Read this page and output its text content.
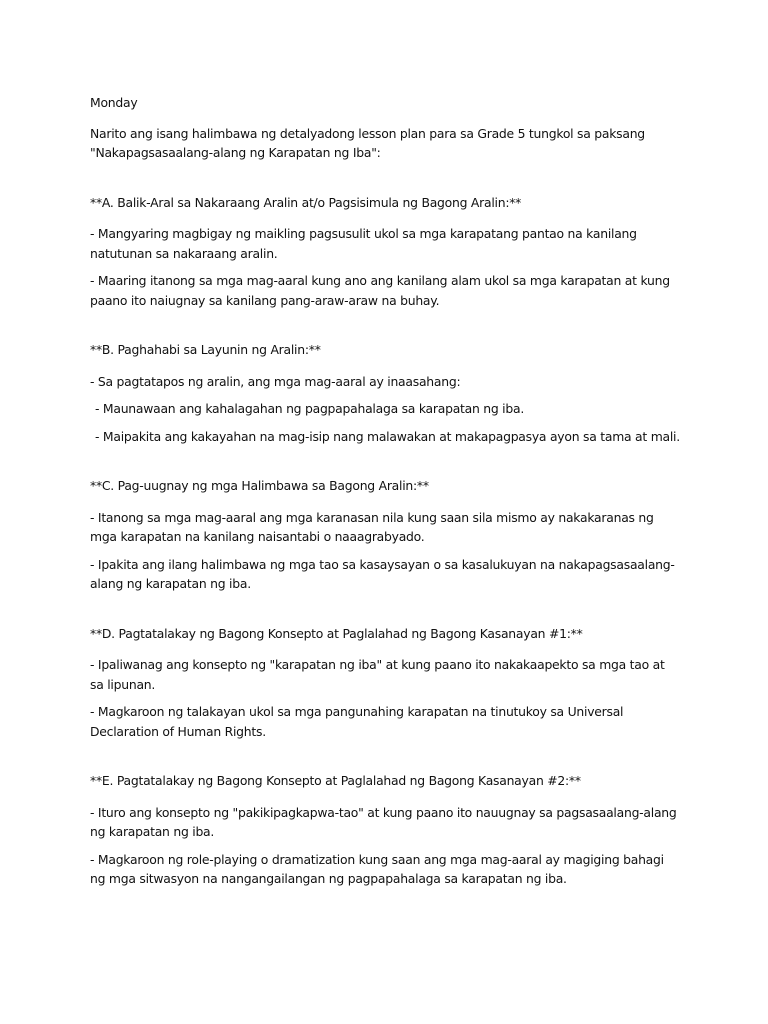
Monday

Narito ang isang halimbawa ng detalyadong lesson plan para sa Grade 5 tungkol sa paksang "Nakapagsasaalang-alang ng Karapatan ng Iba":

**A. Balik-Aral sa Nakaraang Aralin at/o Pagsisimula ng Bagong Aralin:**

- Mangyaring magbigay ng maikling pagsusulit ukol sa mga karapatang pantao na kanilang natutunan sa nakaraang aralin.

- Maaring itanong sa mga mag-aaral kung ano ang kanilang alam ukol sa mga karapatan at kung paano ito naiugnay sa kanilang pang-araw-araw na buhay.

**B. Paghahabi sa Layunin ng Aralin:**

- Sa pagtatapos ng aralin, ang mga mag-aaral ay inaasahang:

- Maunawaan ang kahalagahan ng pagpapahalaga sa karapatan ng iba.

- Maipakita ang kakayahan na mag-isip nang malawakan at makapagpasya ayon sa tama at mali.

**C. Pag-uugnay ng mga Halimbawa sa Bagong Aralin:**

- Itanong sa mga mag-aaral ang mga karanasan nila kung saan sila mismo ay nakakaranas ng mga karapatan na kanilang naisantabi o naaagrabyado.

- Ipakita ang ilang halimbawa ng mga tao sa kasaysayan o sa kasalukuyan na nakapagsasaalang-alang ng karapatan ng iba.

**D. Pagtatalakay ng Bagong Konsepto at Paglalahad ng Bagong Kasanayan #1:**

- Ipaliwanag ang konsepto ng "karapatan ng iba" at kung paano ito nakakaapekto sa mga tao at sa lipunan.

- Magkaroon ng talakayan ukol sa mga pangunahing karapatan na tinutukoy sa Universal Declaration of Human Rights.

**E. Pagtatalakay ng Bagong Konsepto at Paglalahad ng Bagong Kasanayan #2:**

- Ituro ang konsepto ng "pakikipagkapwa-tao" at kung paano ito nauugnay sa pagsasaalang-alang ng karapatan ng iba.

- Magkaroon ng role-playing o dramatization kung saan ang mga mag-aaral ay magiging bahagi ng mga sitwasyon na nangangailangan ng pagpapahalaga sa karapatan ng iba.
